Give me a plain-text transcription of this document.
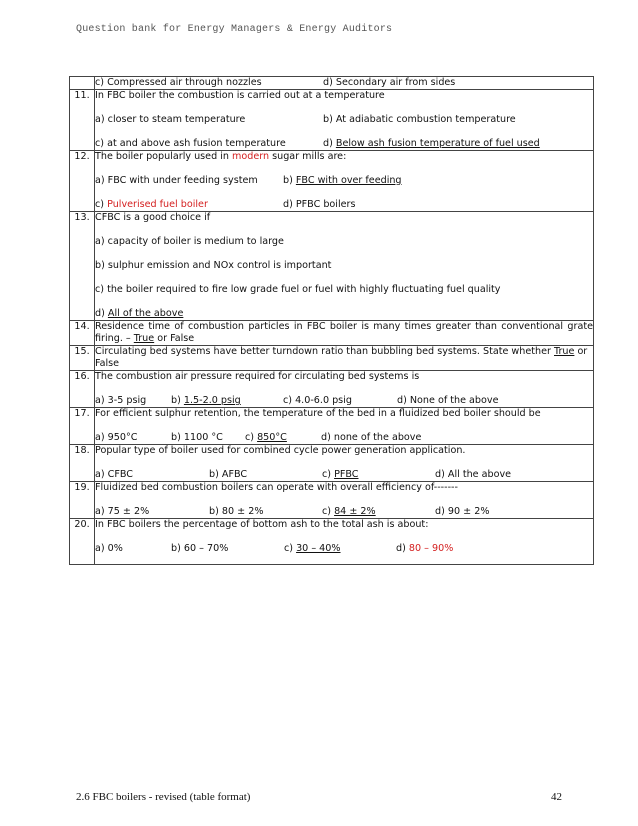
Question bank for Energy Managers & Energy Auditors

	c) Compressed air through nozzles d) Secondary air from sides

11.	In FBC boiler the combustion is carried out at a temperature

a) closer to steam temperature b) At adiabatic combustion temperature
c) at and above ash fusion temperature d) Below ash fusion temperature of fuel used

12.	The boiler popularly used in modern sugar mills are:

a) FBC with under feeding system b) FBC with over feeding
c) Pulverised fuel boiler d) PFBC boilers

13.	CFBC is a good choice if

a) capacity of boiler is medium to large
b) sulphur emission and NOx control is important
c) the boiler required to fire low grade fuel or fuel with highly fluctuating fuel quality
d) All of the above

14.	Residence time of combustion particles in FBC boiler is many times greater than conventional grate firing. – True or False

15.	Circulating bed systems have better turndown ratio than bubbling bed systems. State whether True or False

16.	The combustion air pressure required for circulating bed systems is

a) 3-5 psig b) 1.5-2.0 psig c) 4.0-6.0 psig d) None of the above

17.	For efficient sulphur retention, the temperature of the bed in a fluidized bed boiler should be

a) 950°C b) 1100 °C c) 850°C d) none of the above

18.	Popular type of boiler used for combined cycle power generation application.

a) CFBC b) AFBC c) PFBC d) All the above

19.	Fluidized bed combustion boilers can operate with overall efficiency of-------

a) 75 ± 2% b) 80 ± 2% c) 84 ± 2% d) 90 ± 2%

20.	In FBC boilers the percentage of bottom ash to the total ash is about:

a) 0% b) 60 – 70% c) 30 – 40% d) 80 – 90%
2.6 FBC boilers - revised (table format)	42
